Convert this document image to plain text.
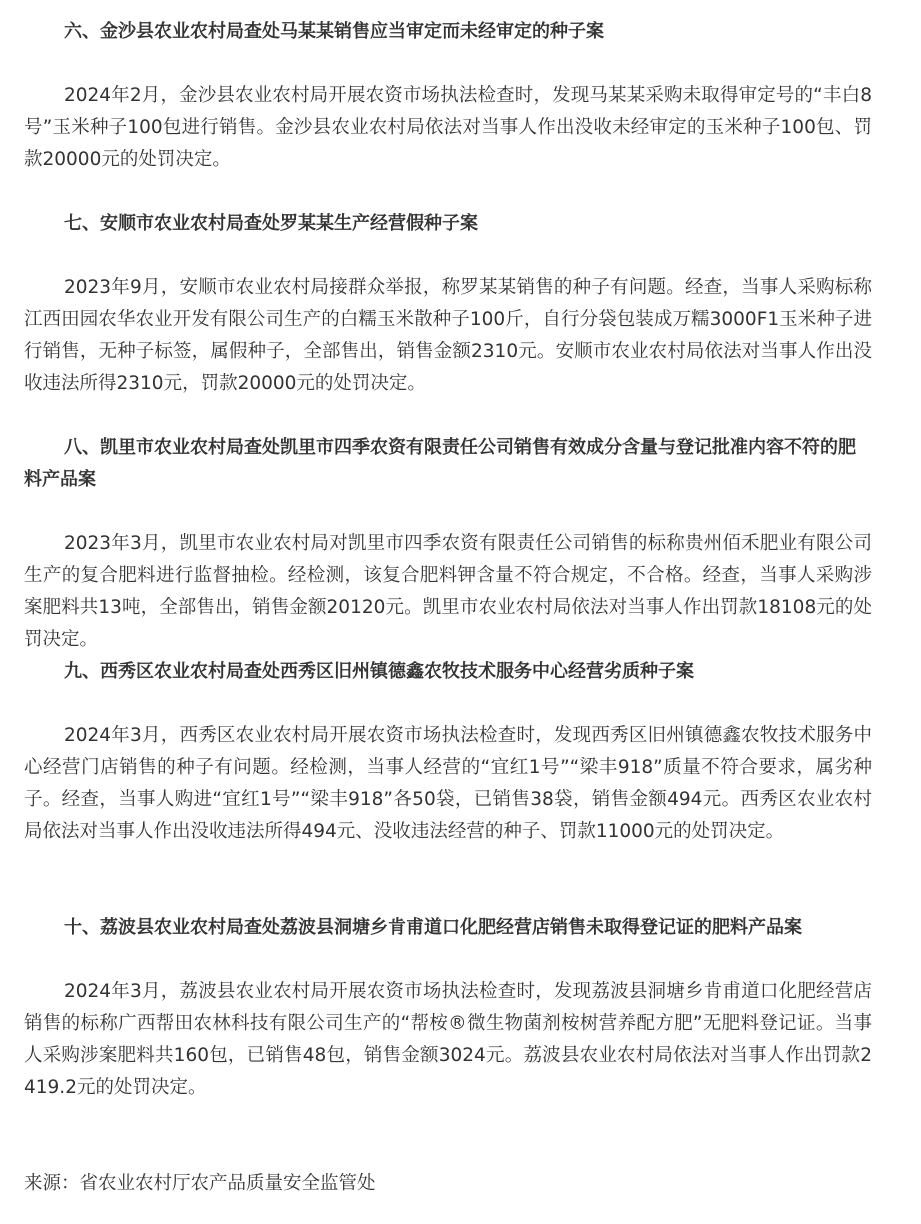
六、金沙县农业农村局查处马某某销售应当审定而未经审定的种子案

2024年2月，金沙县农业农村局开展农资市场执法检查时，发现马某某采购未取得审定号的“丰白8号”玉米种子100包进行销售。金沙县农业农村局依法对当事人作出没收未经审定的玉米种子100包、罚款20000元的处罚决定。

七、安顺市农业农村局查处罗某某生产经营假种子案

2023年9月，安顺市农业农村局接群众举报，称罗某某销售的种子有问题。经查，当事人采购标称江西田园农华农业开发有限公司生产的白糯玉米散种子100斤，自行分袋包装成万糯3000F1玉米种子进行销售，无种子标签，属假种子，全部售出，销售金额2310元。安顺市农业农村局依法对当事人作出没收违法所得2310元，罚款20000元的处罚决定。

八、凯里市农业农村局查处凯里市四季农资有限责任公司销售有效成分含量与登记批准内容不符的肥料产品案

2023年3月，凯里市农业农村局对凯里市四季农资有限责任公司销售的标称贵州佰禾肥业有限公司生产的复合肥料进行监督抽检。经检测，该复合肥料钾含量不符合规定，不合格。经查，当事人采购涉案肥料共13吨，全部售出，销售金额20120元。凯里市农业农村局依法对当事人作出罚款18108元的处罚决定。

九、西秀区农业农村局查处西秀区旧州镇德鑫农牧技术服务中心经营劣质种子案

2024年3月，西秀区农业农村局开展农资市场执法检查时，发现西秀区旧州镇德鑫农牧技术服务中心经营门店销售的种子有问题。经检测，当事人经营的“宜红1号”“梁丰918”质量不符合要求，属劣种子。经查，当事人购进“宜红1号”“梁丰918”各50袋，已销售38袋，销售金额494元。西秀区农业农村局依法对当事人作出没收违法所得494元、没收违法经营的种子、罚款11000元的处罚决定。

十、荔波县农业农村局查处荔波县洞塘乡肯甫道口化肥经营店销售未取得登记证的肥料产品案

2024年3月，荔波县农业农村局开展农资市场执法检查时，发现荔波县洞塘乡肯甫道口化肥经营店销售的标称广西帮田农林科技有限公司生产的“帮桉®微生物菌剂桉树营养配方肥”无肥料登记证。当事人采购涉案肥料共160包，已销售48包，销售金额3024元。荔波县农业农村局依法对当事人作出罚款2419.2元的处罚决定。

来源：省农业农村厅农产品质量安全监管处
